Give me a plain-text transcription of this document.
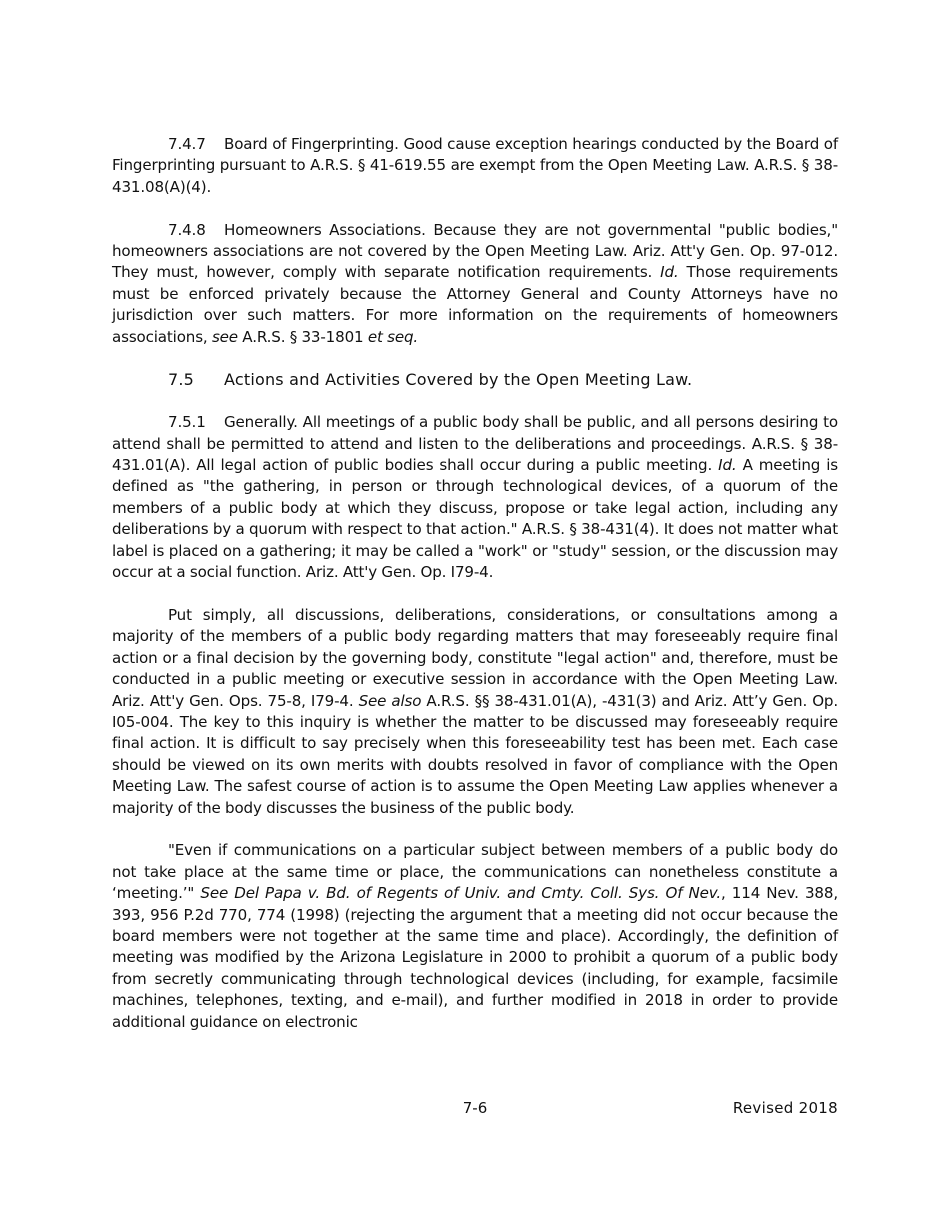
7.4.7 Board of Fingerprinting. Good cause exception hearings conducted by the Board of Fingerprinting pursuant to A.R.S. § 41-619.55 are exempt from the Open Meeting Law. A.R.S. § 38-431.08(A)(4).

7.4.8 Homeowners Associations. Because they are not governmental "public bodies," homeowners associations are not covered by the Open Meeting Law. Ariz. Att'y Gen. Op. 97-012. They must, however, comply with separate notification requirements. Id. Those requirements must be enforced privately because the Attorney General and County Attorneys have no jurisdiction over such matters. For more information on the requirements of homeowners associations, see A.R.S. § 33-1801 et seq.

7.5 Actions and Activities Covered by the Open Meeting Law.

7.5.1 Generally. All meetings of a public body shall be public, and all persons desiring to attend shall be permitted to attend and listen to the deliberations and proceedings. A.R.S. § 38-431.01(A). All legal action of public bodies shall occur during a public meeting. Id. A meeting is defined as "the gathering, in person or through technological devices, of a quorum of the members of a public body at which they discuss, propose or take legal action, including any deliberations by a quorum with respect to that action." A.R.S. § 38-431(4). It does not matter what label is placed on a gathering; it may be called a "work" or "study" session, or the discussion may occur at a social function. Ariz. Att'y Gen. Op. I79-4.

Put simply, all discussions, deliberations, considerations, or consultations among a majority of the members of a public body regarding matters that may foreseeably require final action or a final decision by the governing body, constitute "legal action" and, therefore, must be conducted in a public meeting or executive session in accordance with the Open Meeting Law. Ariz. Att'y Gen. Ops. 75-8, I79-4. See also A.R.S. §§ 38-431.01(A), -431(3) and Ariz. Att’y Gen. Op. I05-004. The key to this inquiry is whether the matter to be discussed may foreseeably require final action. It is difficult to say precisely when this foreseeability test has been met. Each case should be viewed on its own merits with doubts resolved in favor of compliance with the Open Meeting Law. The safest course of action is to assume the Open Meeting Law applies whenever a majority of the body discusses the business of the public body.

"Even if communications on a particular subject between members of a public body do not take place at the same time or place, the communications can nonetheless constitute a ‘meeting.’" See Del Papa v. Bd. of Regents of Univ. and Cmty. Coll. Sys. Of Nev., 114 Nev. 388, 393, 956 P.2d 770, 774 (1998) (rejecting the argument that a meeting did not occur because the board members were not together at the same time and place). Accordingly, the definition of meeting was modified by the Arizona Legislature in 2000 to prohibit a quorum of a public body from secretly communicating through technological devices (including, for example, facsimile machines, telephones, texting, and e-mail), and further modified in 2018 in order to provide additional guidance on electronic

7-6	Revised 2018
